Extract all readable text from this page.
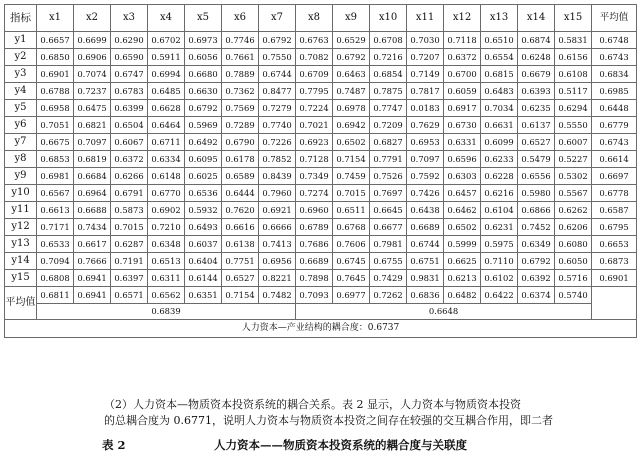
指标	x1	x2	x3	x4	x5	x6	x7	x8	x9	x10	x11	x12	x13	x14	x15	平均值
y1	0.6657	0.6699	0.6290	0.6702	0.6973	0.7746	0.6792	0.6763	0.6529	0.6708	0.7030	0.7118	0.6510	0.6874	0.5831	0.6748
y2	0.6850	0.6906	0.6590	0.5911	0.6056	0.7661	0.7550	0.7082	0.6792	0.7216	0.7207	0.6372	0.6554	0.6248	0.6156	0.6743
y3	0.6901	0.7074	0.6747	0.6994	0.6680	0.7889	0.6744	0.6709	0.6463	0.6854	0.7149	0.6700	0.6815	0.6679	0.6108	0.6834
y4	0.6788	0.7237	0.6783	0.6485	0.6630	0.7362	0.8477	0.7795	0.7487	0.7875	0.7817	0.6059	0.6483	0.6393	0.5117	0.6985
y5	0.6958	0.6475	0.6399	0.6628	0.6792	0.7569	0.7279	0.7224	0.6978	0.7747	0.0183	0.6917	0.7034	0.6235	0.6294	0.6448
y6	0.7051	0.6821	0.6504	0.6464	0.5969	0.7289	0.7740	0.7021	0.6942	0.7209	0.7629	0.6730	0.6631	0.6137	0.5550	0.6779
y7	0.6675	0.7097	0.6067	0.6711	0.6492	0.6790	0.7226	0.6923	0.6502	0.6827	0.6953	0.6331	0.6099	0.6527	0.6007	0.6743
y8	0.6853	0.6819	0.6372	0.6334	0.6095	0.6178	0.7852	0.7128	0.7154	0.7791	0.7097	0.6596	0.6233	0.5479	0.5227	0.6614
y9	0.6981	0.6684	0.6266	0.6148	0.6025	0.6589	0.8439	0.7349	0.7459	0.7526	0.7592	0.6303	0.6228	0.6556	0.5302	0.6697
y10	0.6567	0.6964	0.6791	0.6770	0.6536	0.6444	0.7960	0.7274	0.7015	0.7697	0.7426	0.6457	0.6216	0.5980	0.5567	0.6778
y11	0.6613	0.6688	0.5873	0.6902	0.5932	0.7620	0.6921	0.6960	0.6511	0.6645	0.6438	0.6462	0.6104	0.6866	0.6262	0.6587
y12	0.7171	0.7434	0.7015	0.7210	0.6493	0.6616	0.6666	0.6789	0.6768	0.6677	0.6689	0.6502	0.6231	0.7452	0.6206	0.6795
y13	0.6533	0.6617	0.6287	0.6348	0.6037	0.6138	0.7413	0.7686	0.7606	0.7981	0.6744	0.5999	0.5975	0.6349	0.6080	0.6653
y14	0.7094	0.7666	0.7191	0.6513	0.6404	0.7751	0.6956	0.6689	0.6745	0.6755	0.6751	0.6625	0.7110	0.6792	0.6050	0.6873
y15	0.6808	0.6941	0.6397	0.6311	0.6144	0.6527	0.8221	0.7898	0.7645	0.7429	0.9831	0.6213	0.6102	0.6392	0.5716	0.6901
平均值	0.6811	0.6941	0.6571	0.6562	0.6351	0.7154	0.7482	0.7093	0.6977	0.7262	0.6836	0.6482	0.6422	0.6374	0.5740	
	0.6839							0.6648								
人力资本—产业结构的耦合度：0.6737																
（2）人力资本—物质资本投资系统的耦合关系。表 2 显示，人力资本与物质资本投资
的总耦合度为 0.6771，说明人力资本与物质资本投资之间存在较强的交互耦合作用，即二者
表 2	人力资本——物质资本投资系统的耦合度与关联度
